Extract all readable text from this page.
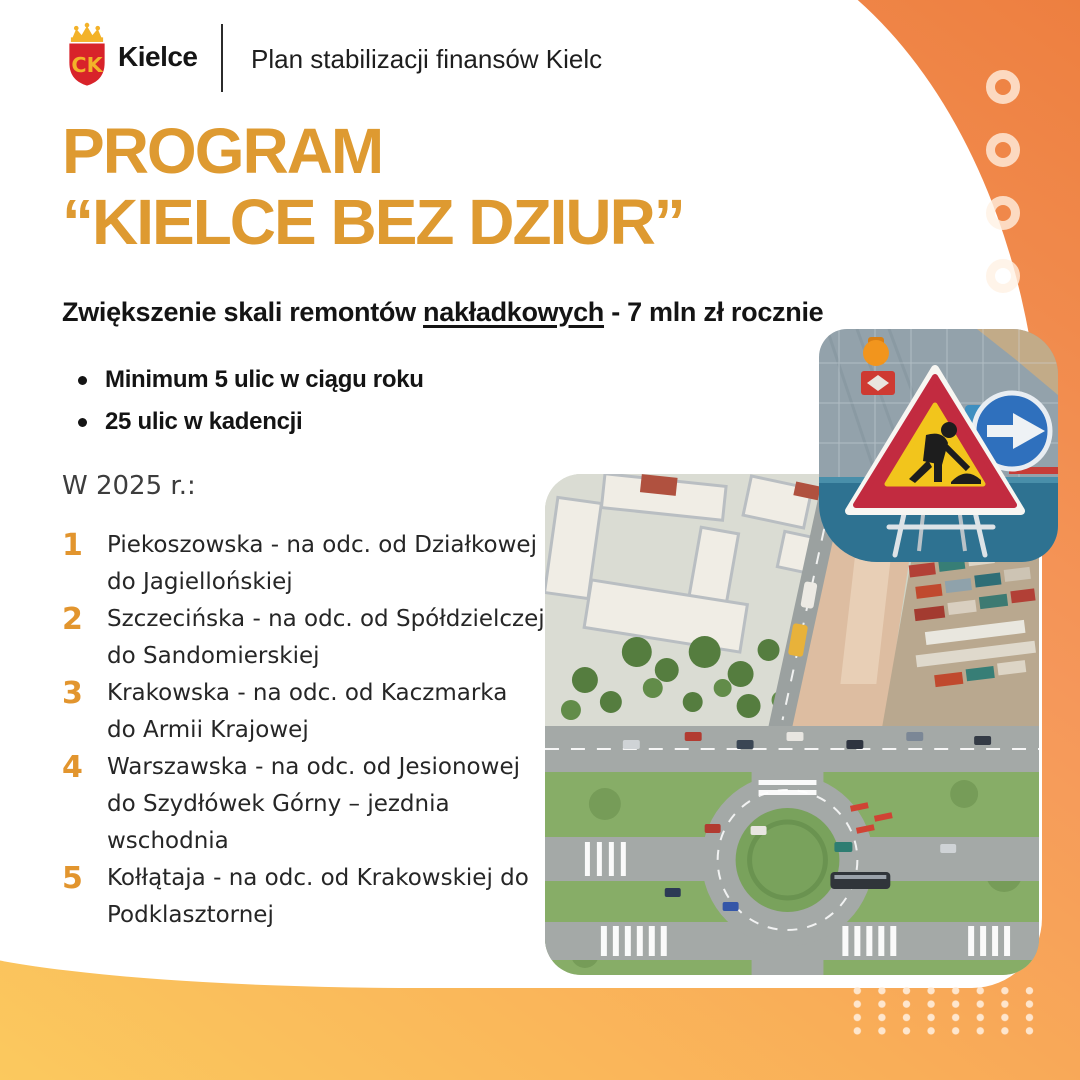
CK Kielce Plan stabilizacji finansów Kielc
PROGRAM
“KIELCE BEZ DZIUR”

Zwiększenie skali remontów nakładkowych - 7 mln zł rocznie

Minimum 5 ulic w ciągu roku
25 ulic w kadencji
W 2025 r.:
1	Piekoszowska - na odc. od Działkowej
do Jagiellońskiej
2	Szczecińska - na odc. od Spółdzielczej
do Sandomierskiej
3	Krakowska - na odc. od Kaczmarka
do Armii Krajowej
4	Warszawska - na odc. od Jesionowej
do Szydłówek Górny – jezdnia
wschodnia
5	Kołłątaja - na odc. od Krakowskiej do
Podklasztornej
